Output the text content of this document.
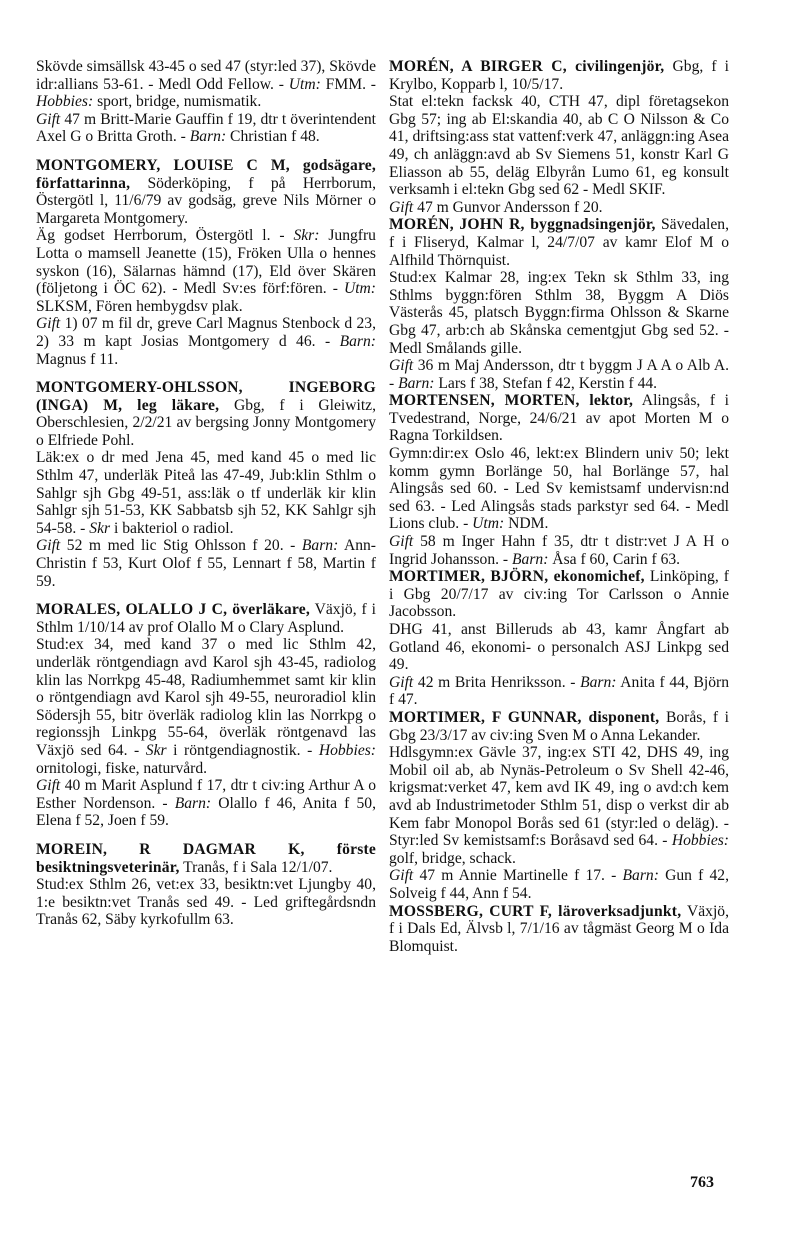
Skövde simsällsk 43-45 o sed 47 (styr:led 37), Skövde idr:allians 53-61. - Medl Odd Fellow. - Utm: FMM. - Hobbies: sport, bridge, numismatik.

Gift 47 m Britt-Marie Gauffin f 19, dtr t överintendent Axel G o Britta Groth. - Barn: Christian f 48.

MONTGOMERY, LOUISE C M, godsägare, författarinna, Söderköping, f på Herrborum, Östergötl l, 11/6/79 av godsäg, greve Nils Mörner o Margareta Montgomery.

Äg godset Herrborum, Östergötl l. - Skr: Jungfru Lotta o mamsell Jeanette (15), Fröken Ulla o hennes syskon (16), Sälarnas hämnd (17), Eld över Skären (följetong i ÖC 62). - Medl Sv:es förf:fören. - Utm: SLKSM, Fören hembygdsv plak.

Gift 1) 07 m fil dr, greve Carl Magnus Stenbock d 23, 2) 33 m kapt Josias Montgomery d 46. - Barn: Magnus f 11.

MONTGOMERY-OHLSSON, INGEBORG (INGA) M, leg läkare, Gbg, f i Gleiwitz, Oberschlesien, 2/2/21 av bergsing Jonny Montgomery o Elfriede Pohl.

Läk:ex o dr med Jena 45, med kand 45 o med lic Sthlm 47, underläk Piteå las 47-49, Jub:klin Sthlm o Sahlgr sjh Gbg 49-51, ass:läk o tf underläk kir klin Sahlgr sjh 51-53, KK Sabbatsb sjh 52, KK Sahlgr sjh 54-58. - Skr i bakteriol o radiol.

Gift 52 m med lic Stig Ohlsson f 20. - Barn: Ann-Christin f 53, Kurt Olof f 55, Lennart f 58, Martin f 59.

MORALES, OLALLO J C, överläkare, Växjö, f i Sthlm 1/10/14 av prof Olallo M o Clary Asplund.

Stud:ex 34, med kand 37 o med lic Sthlm 42, underläk röntgendiagn avd Karol sjh 43-45, radiolog klin las Norrkpg 45-48, Radiumhemmet samt kir klin o röntgendiagn avd Karol sjh 49-55, neuroradiol klin Södersjh 55, bitr överläk radiolog klin las Norrkpg o regionssjh Linkpg 55-64, överläk röntgenavd las Växjö sed 64. - Skr i röntgendiagnostik. - Hobbies: ornitologi, fiske, naturvård.

Gift 40 m Marit Asplund f 17, dtr t civ:ing Arthur A o Esther Nordenson. - Barn: Olallo f 46, Anita f 50, Elena f 52, Joen f 59.

MOREIN, R DAGMAR K, förste besiktningsveterinär, Tranås, f i Sala 12/1/07.

Stud:ex Sthlm 26, vet:ex 33, besiktn:vet Ljungby 40, 1:e besiktn:vet Tranås sed 49. - Led griftegårdsndn Tranås 62, Säby kyrkofullm 63.

MORÉN, A BIRGER C, civilingenjör, Gbg, f i Krylbo, Kopparb l, 10/5/17.

Stat el:tekn facksk 40, CTH 47, dipl företagsekon Gbg 57; ing ab El:skandia 40, ab C O Nilsson & Co 41, driftsing:ass stat vattenf:verk 47, anläggn:ing Asea 49, ch anläggn:avd ab Sv Siemens 51, konstr Karl G Eliasson ab 55, deläg Elbyrån Lumo 61, eg konsult verksamh i el:tekn Gbg sed 62 - Medl SKIF.

Gift 47 m Gunvor Andersson f 20.

MORÉN, JOHN R, byggnadsingenjör, Sävedalen, f i Fliseryd, Kalmar l, 24/7/07 av kamr Elof M o Alfhild Thörnquist.

Stud:ex Kalmar 28, ing:ex Tekn sk Sthlm 33, ing Sthlms byggn:fören Sthlm 38, Byggm A Diös Västerås 45, platsch Byggn:firma Ohlsson & Skarne Gbg 47, arb:ch ab Skånska cementgjut Gbg sed 52. - Medl Smålands gille.

Gift 36 m Maj Andersson, dtr t byggm J A A o Alb A. - Barn: Lars f 38, Stefan f 42, Kerstin f 44.

MORTENSEN, MORTEN, lektor, Alingsås, f i Tvedestrand, Norge, 24/6/21 av apot Morten M o Ragna Torkildsen.

Gymn:dir:ex Oslo 46, lekt:ex Blindern univ 50; lekt komm gymn Borlänge 50, hal Borlänge 57, hal Alingsås sed 60. - Led Sv kemistsamf undervisn:nd sed 63. - Led Alingsås stads parkstyr sed 64. - Medl Lions club. - Utm: NDM.

Gift 58 m Inger Hahn f 35, dtr t distr:vet J A H o Ingrid Johansson. - Barn: Åsa f 60, Carin f 63.

MORTIMER, BJÖRN, ekonomichef, Linköping, f i Gbg 20/7/17 av civ:ing Tor Carlsson o Annie Jacobsson.

DHG 41, anst Billeruds ab 43, kamr Ångfart ab Gotland 46, ekonomi- o personalch ASJ Linkpg sed 49.

Gift 42 m Brita Henriksson. - Barn: Anita f 44, Björn f 47.

MORTIMER, F GUNNAR, disponent, Borås, f i Gbg 23/3/17 av civ:ing Sven M o Anna Lekander.

Hdlsgymn:ex Gävle 37, ing:ex STI 42, DHS 49, ing Mobil oil ab, ab Nynäs-Petroleum o Sv Shell 42-46, krigsmat:verket 47, kem avd IK 49, ing o avd:ch kem avd ab Industrimetoder Sthlm 51, disp o verkst dir ab Kem fabr Monopol Borås sed 61 (styr:led o deläg). - Styr:led Sv kemistsamf:s Boråsavd sed 64. - Hobbies: golf, bridge, schack.

Gift 47 m Annie Martinelle f 17. - Barn: Gun f 42, Solveig f 44, Ann f 54.

MOSSBERG, CURT F, läroverksadjunkt, Växjö, f i Dals Ed, Älvsb l, 7/1/16 av tågmäst Georg M o Ida Blomquist.

763
